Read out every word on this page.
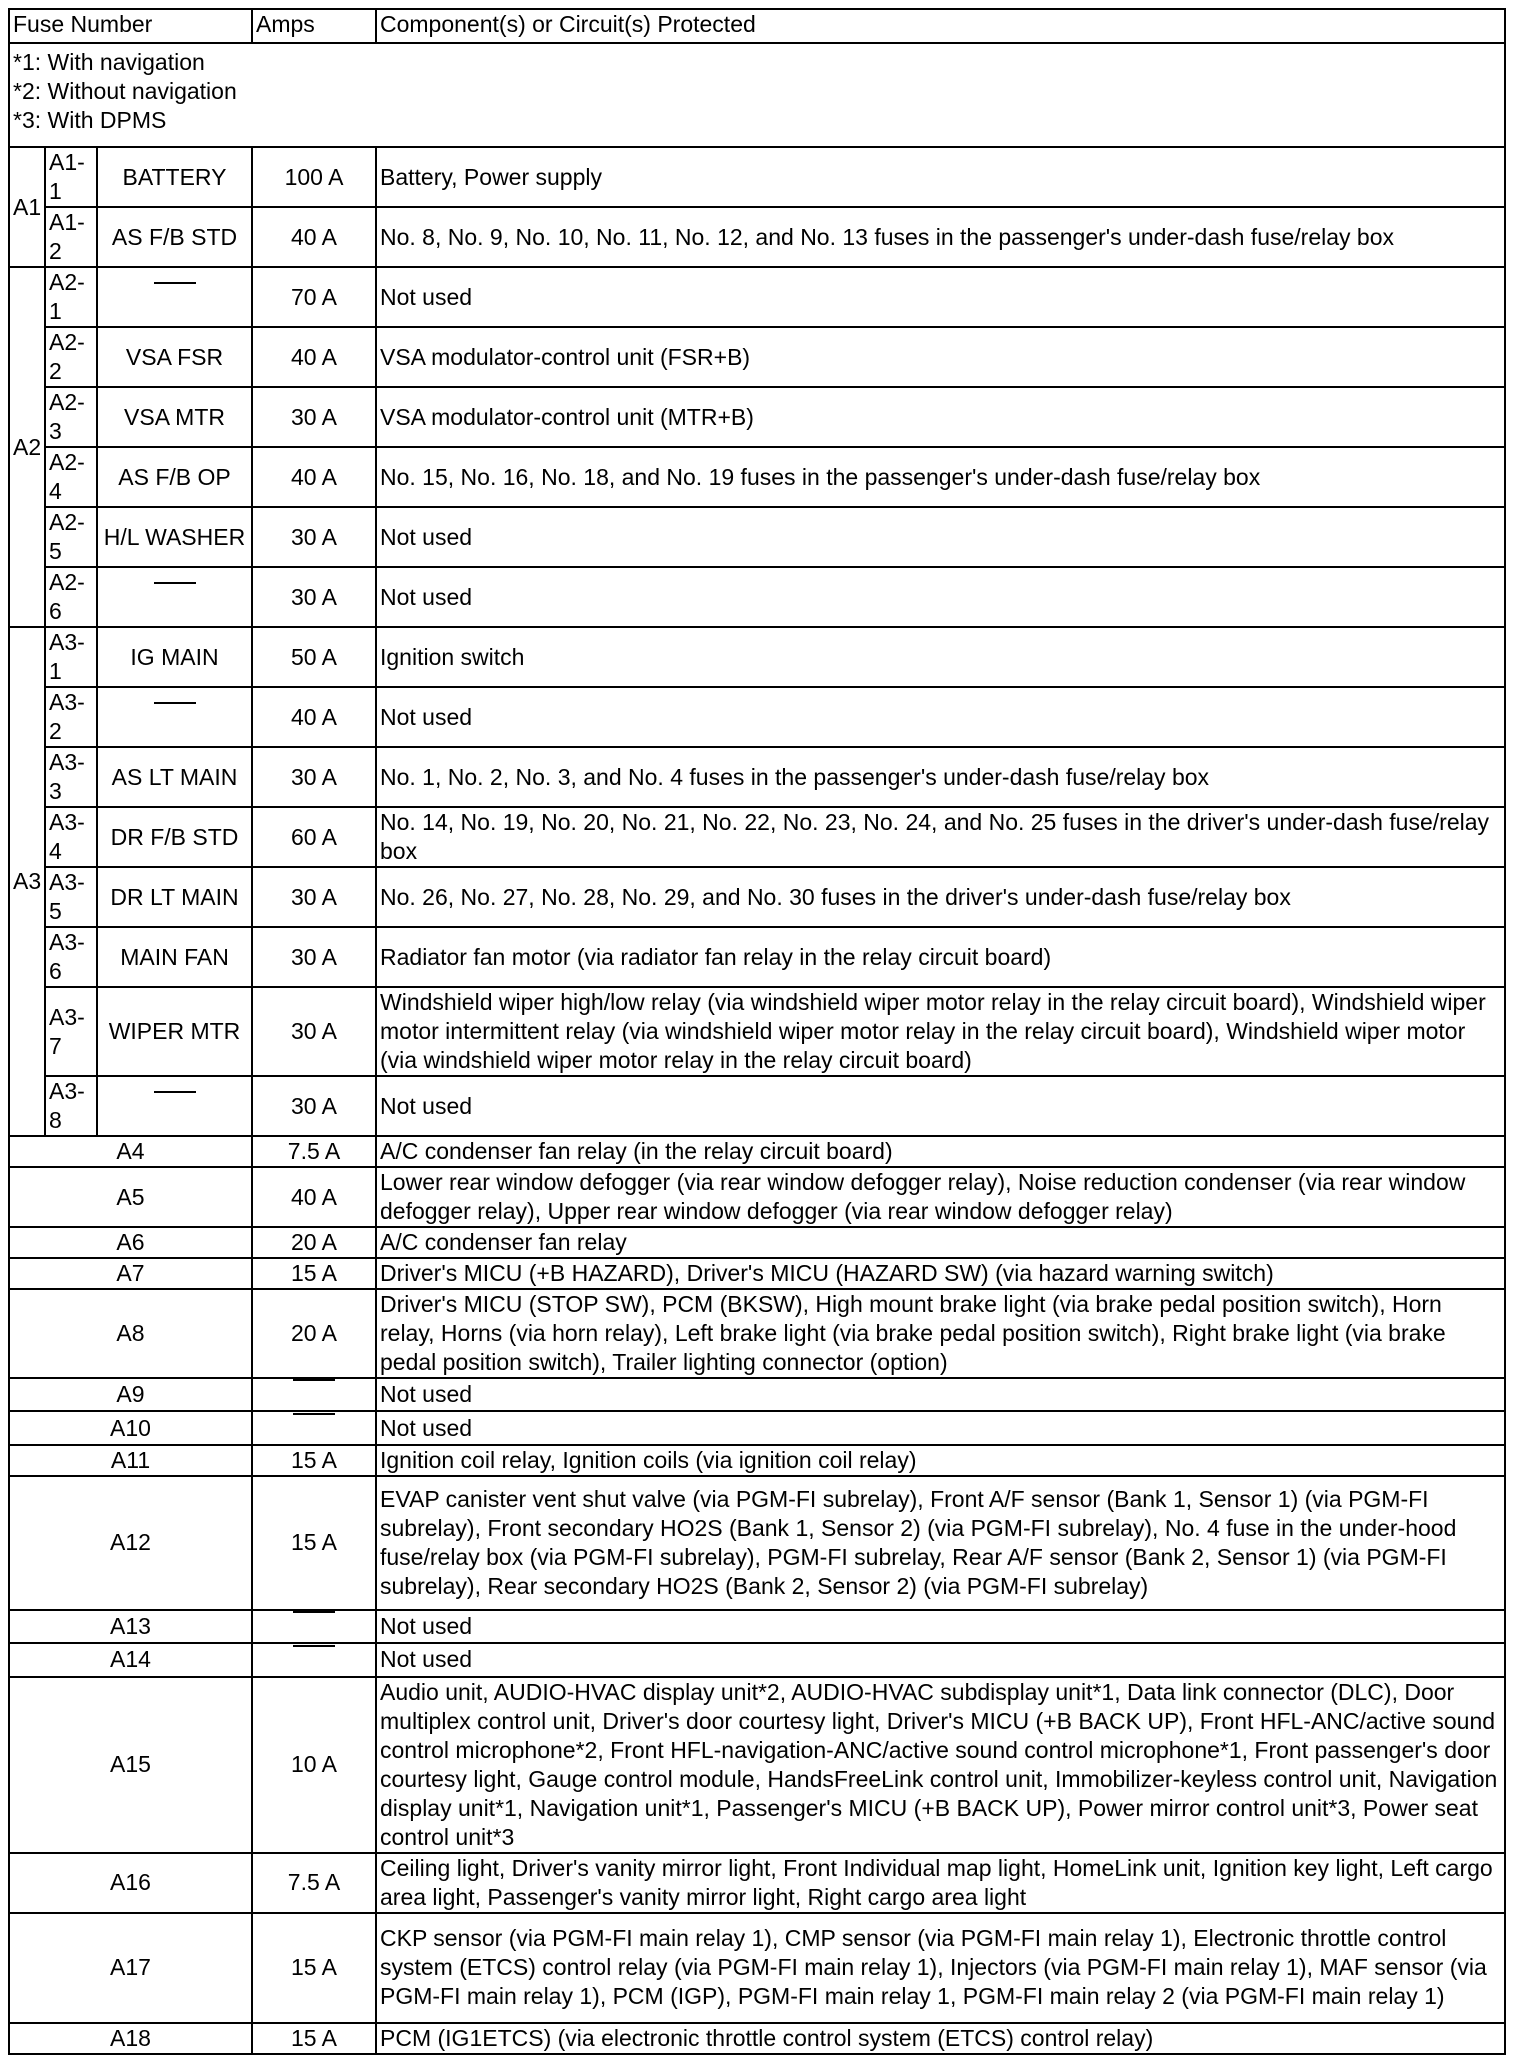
Fuse Number			Amps	Component(s) or Circuit(s) Protected

*1: With navigation
*2: Without navigation
*3: With DPMS				

A1	A1-1	BATTERY	100 A	Battery, Power supply
	A1-2	AS F/B STD	40 A	No. 8, No. 9, No. 10, No. 11, No. 12, and No. 13 fuses in the passenger's under-dash fuse/relay box
A2	A2-1		70 A	Not used
	A2-2	VSA FSR	40 A	VSA modulator-control unit (FSR+B)
	A2-3	VSA MTR	30 A	VSA modulator-control unit (MTR+B)
	A2-4	AS F/B OP	40 A	No. 15, No. 16, No. 18, and No. 19 fuses in the passenger's under-dash fuse/relay box
	A2-5	H/L WASHER	30 A	Not used
	A2-6		30 A	Not used
A3	A3-1	IG MAIN	50 A	Ignition switch
	A3-2		40 A	Not used
	A3-3	AS LT MAIN	30 A	No. 1, No. 2, No. 3, and No. 4 fuses in the passenger's under-dash fuse/relay box
	A3-4	DR F/B STD	60 A	No. 14, No. 19, No. 20, No. 21, No. 22, No. 23, No. 24, and No. 25 fuses in the driver's under-dash fuse/relay box
	A3-5	DR LT MAIN	30 A	No. 26, No. 27, No. 28, No. 29, and No. 30 fuses in the driver's under-dash fuse/relay box
	A3-6	MAIN FAN	30 A	Radiator fan motor (via radiator fan relay in the relay circuit board)
	A3-7	WIPER MTR	30 A	Windshield wiper high/low relay (via windshield wiper motor relay in the relay circuit board), Windshield wiper motor intermittent relay (via windshield wiper motor relay in the relay circuit board), Windshield wiper motor (via windshield wiper motor relay in the relay circuit board)
	A3-8		30 A	Not used
A4			7.5 A	A/C condenser fan relay (in the relay circuit board)
A5			40 A	Lower rear window defogger (via rear window defogger relay), Noise reduction condenser (via rear window defogger relay), Upper rear window defogger (via rear window defogger relay)
A6			20 A	A/C condenser fan relay
A7			15 A	Driver's MICU (+B HAZARD), Driver's MICU (HAZARD SW) (via hazard warning switch)
A8			20 A	Driver's MICU (STOP SW), PCM (BKSW), High mount brake light (via brake pedal position switch), Horn relay, Horns (via horn relay), Left brake light (via brake pedal position switch), Right brake light (via brake pedal position switch), Trailer lighting connector (option)
A9				Not used
A10				Not used
A11			15 A	Ignition coil relay, Ignition coils (via ignition coil relay)
A12			15 A	EVAP canister vent shut valve (via PGM-FI subrelay), Front A/F sensor (Bank 1, Sensor 1) (via PGM-FI subrelay), Front secondary HO2S (Bank 1, Sensor 2) (via PGM-FI subrelay), No. 4 fuse in the under-hood fuse/relay box (via PGM-FI subrelay), PGM-FI subrelay, Rear A/F sensor (Bank 2, Sensor 1) (via PGM-FI subrelay), Rear secondary HO2S (Bank 2, Sensor 2) (via PGM-FI subrelay)
A13				Not used
A14				Not used
A15			10 A	Audio unit, AUDIO-HVAC display unit*2, AUDIO-HVAC subdisplay unit*1, Data link connector (DLC), Door multiplex control unit, Driver's door courtesy light, Driver's MICU (+B BACK UP), Front HFL-ANC/active sound control microphone*2, Front HFL-navigation-ANC/active sound control microphone*1, Front passenger's door courtesy light, Gauge control module, HandsFreeLink control unit, Immobilizer-keyless control unit, Navigation display unit*1, Navigation unit*1, Passenger's MICU (+B BACK UP), Power mirror control unit*3, Power seat control unit*3
A16			7.5 A	Ceiling light, Driver's vanity mirror light, Front Individual map light, HomeLink unit, Ignition key light, Left cargo area light, Passenger's vanity mirror light, Right cargo area light
A17			15 A	CKP sensor (via PGM-FI main relay 1), CMP sensor (via PGM-FI main relay 1), Electronic throttle control system (ETCS) control relay (via PGM-FI main relay 1), Injectors (via PGM-FI main relay 1), MAF sensor (via PGM-FI main relay 1), PCM (IGP), PGM-FI main relay 1, PGM-FI main relay 2 (via PGM-FI main relay 1)
A18			15 A	PCM (IG1ETCS) (via electronic throttle control system (ETCS) control relay)
